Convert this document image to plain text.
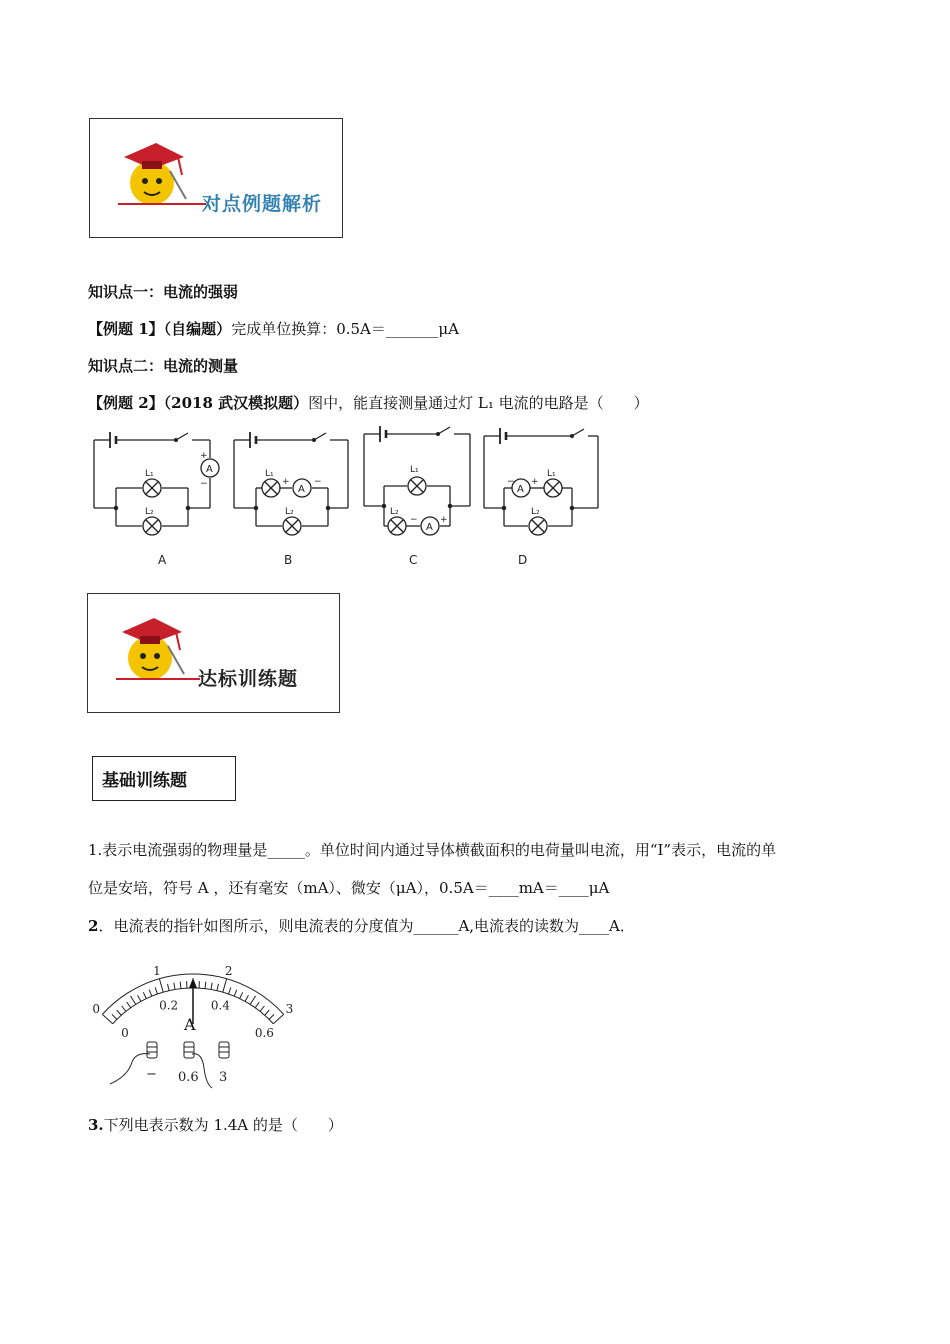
对点例题解析
知识点一：电流的强弱
【例题 1】（自编题）完成单位换算：0.5A＝_______μA
知识点二：电流的测量
【例题 2】（2018 武汉模拟题）图中，能直接测量通过灯 L₁ 电流的电路是（　　）
L₁
L₂
A
+
−
L₁
L₂
A
+	−
L₁
L₂
A
− +
L₁
L₂
A
− +
A	B	C	D
达标训练题
基础训练题
1.表示电流强弱的物理量是_____。单位时间内通过导体横截面积的电荷量叫电流，用“I”表示，电流的单
位是安培，符号 A ，还有毫安（mA）、微安（μA），0.5A＝____mA＝____μA
2．电流表的指针如图所示，则电流表的分度值为______A,电流表的读数为____A．
0
1	2
3
0
0.2	0.4
0.6
A
− 0.6 3
3.下列电表示数为 1.4A 的是（　　）
